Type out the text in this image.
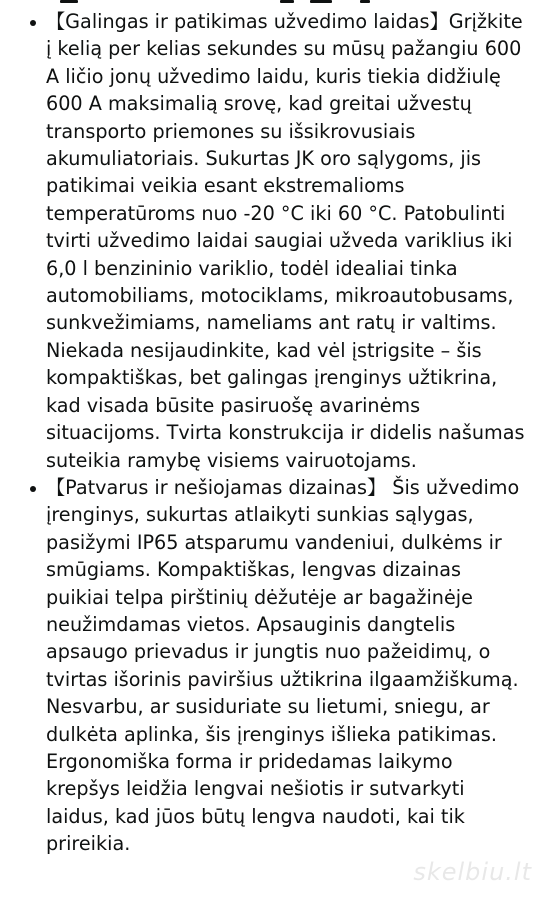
【Galingas ir patikimas užvedimo laidas】Grįžkite į kelią per kelias sekundes su mūsų pažangiu 600 A ličio jonų užvedimo laidu, kuris tiekia didžiulę 600 A maksimalią srovę, kad greitai užvestų transporto priemones su išsikrovusiais akumuliatoriais. Sukurtas JK oro sąlygoms, jis patikimai veikia esant ekstremalioms temperatūroms nuo -20 °C iki 60 °C. Patobulinti tvirti užvedimo laidai saugiai užveda variklius iki 6,0 l benzininio variklio, todėl idealiai tinka automobiliams, motociklams, mikroautobusams, sunkvežimiams, nameliams ant ratų ir valtims. Niekada nesijaudinkite, kad vėl įstrigsite – šis kompaktiškas, bet galingas įrenginys užtikrina, kad visada būsite pasiruošę avarinėms situacijoms. Tvirta konstrukcija ir didelis našumas suteikia ramybę visiems vairuotojams.

【Patvarus ir nešiojamas dizainas】 Šis užvedimo įrenginys, sukurtas atlaikyti sunkias sąlygas, pasižymi IP65 atsparumu vandeniui, dulkėms ir smūgiams. Kompaktiškas, lengvas dizainas puikiai telpa pirštinių dėžutėje ar bagažinėje neužimdamas vietos. Apsauginis dangtelis apsaugo prievadus ir jungtis nuo pažeidimų, o tvirtas išorinis paviršius užtikrina ilgaamžiškumą. Nesvarbu, ar susiduriate su lietumi, sniegu, ar dulkėta aplinka, šis įrenginys išlieka patikimas. Ergonomiška forma ir pridedamas laikymo krepšys leidžia lengvai nešiotis ir sutvarkyti laidus, kad jūos būtų lengva naudoti, kai tik prireikia.

skelbiu.lt
